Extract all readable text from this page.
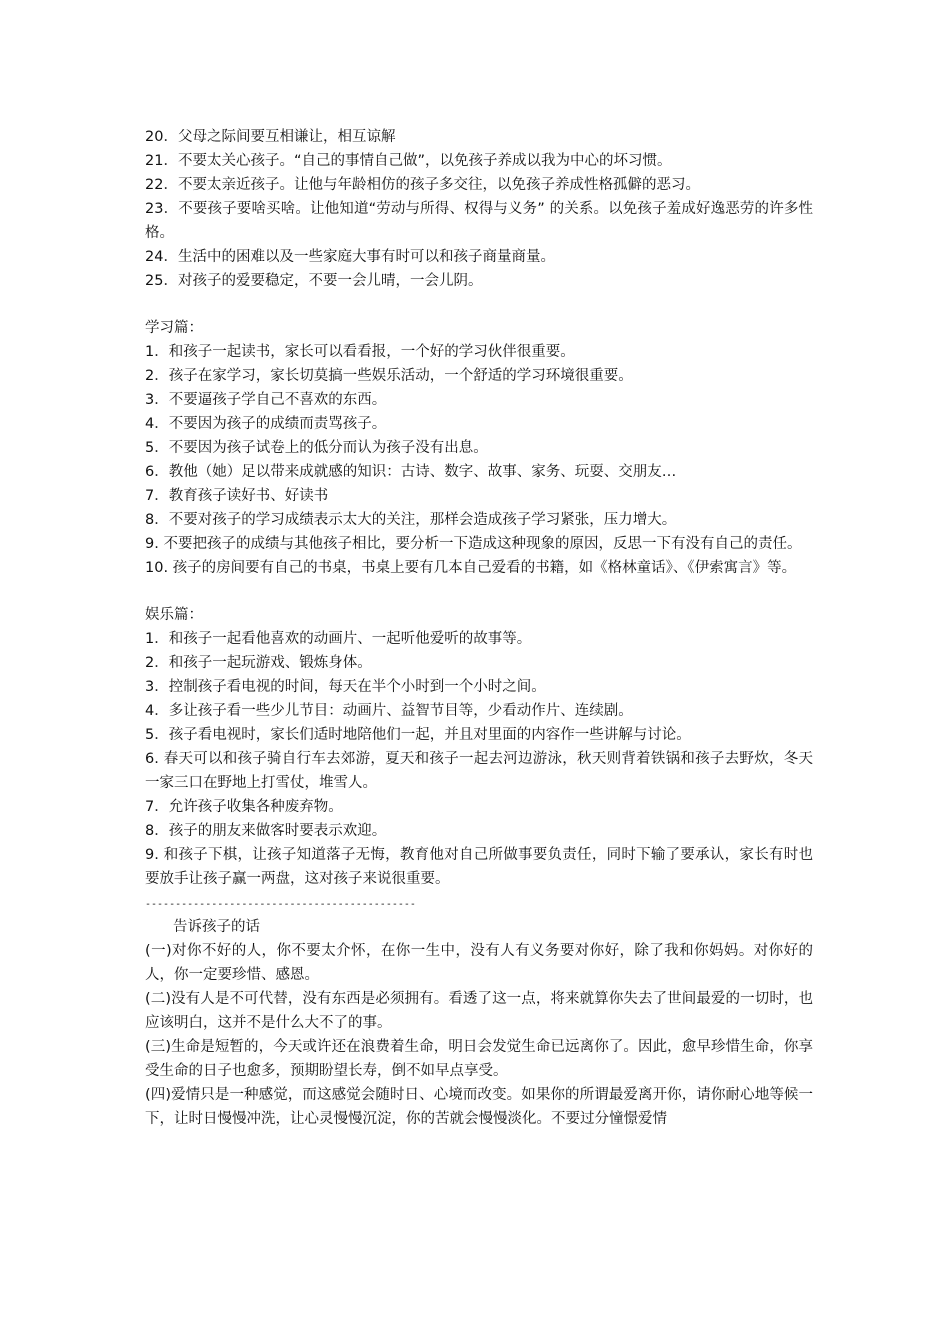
20．父母之际间要互相谦让，相互谅解

21．不要太关心孩子。“自己的事情自己做”，以免孩子养成以我为中心的坏习惯。

22．不要太亲近孩子。让他与年龄相仿的孩子多交往，以免孩子养成性格孤僻的恶习。

23．不要孩子要啥买啥。让他知道“劳动与所得、权得与义务” 的关系。以免孩子羞成好逸恶劳的许多性格。

24．生活中的困难以及一些家庭大事有时可以和孩子商量商量。

25．对孩子的爱要稳定，不要一会儿晴，一会儿阴。

学习篇：

1．和孩子一起读书，家长可以看看报，一个好的学习伙伴很重要。

2．孩子在家学习，家长切莫搞一些娱乐活动，一个舒适的学习环境很重要。

3．不要逼孩子学自己不喜欢的东西。

4．不要因为孩子的成绩而责骂孩子。

5．不要因为孩子试卷上的低分而认为孩子没有出息。

6．教他（她）足以带来成就感的知识：古诗、数字、故事、家务、玩耍、交朋友…

7．教育孩子读好书、好读书

8．不要对孩子的学习成绩表示太大的关注，那样会造成孩子学习紧张，压力增大。

9. 不要把孩子的成绩与其他孩子相比，要分析一下造成这种现象的原因，反思一下有没有自己的责任。

10. 孩子的房间要有自己的书桌，书桌上要有几本自己爱看的书籍，如《格林童话》、《伊索寓言》等。

娱乐篇：

1．和孩子一起看他喜欢的动画片、一起听他爱听的故事等。

2．和孩子一起玩游戏、锻炼身体。

3．控制孩子看电视的时间，每天在半个小时到一个小时之间。

4．多让孩子看一些少儿节目：动画片、益智节目等，少看动作片、连续剧。

5．孩子看电视时，家长们适时地陪他们一起，并且对里面的内容作一些讲解与讨论。

6. 春天可以和孩子骑自行车去郊游，夏天和孩子一起去河边游泳，秋天则背着铁锅和孩子去野炊，冬天一家三口在野地上打雪仗，堆雪人。

7．允许孩子收集各种废弃物。

8．孩子的朋友来做客时要表示欢迎。

9. 和孩子下棋，让孩子知道落子无悔，教育他对自己所做事要负责任，同时下输了要承认，家长有时也要放手让孩子赢一两盘，这对孩子来说很重要。

---------------------------------------------

告诉孩子的话

(一)对你不好的人，你不要太介怀，在你一生中，没有人有义务要对你好，除了我和你妈妈。对你好的人，你一定要珍惜、感恩。

(二)没有人是不可代替，没有东西是必须拥有。看透了这一点，将来就算你失去了世间最爱的一切时，也应该明白，这并不是什么大不了的事。

(三)生命是短暂的，今天或许还在浪费着生命，明日会发觉生命已远离你了。因此，愈早珍惜生命，你享受生命的日子也愈多，预期盼望长寿，倒不如早点享受。

(四)爱情只是一种感觉，而这感觉会随时日、心境而改变。如果你的所谓最爱离开你，请你耐心地等候一下，让时日慢慢冲洗，让心灵慢慢沉淀，你的苦就会慢慢淡化。不要过分憧憬爱情
